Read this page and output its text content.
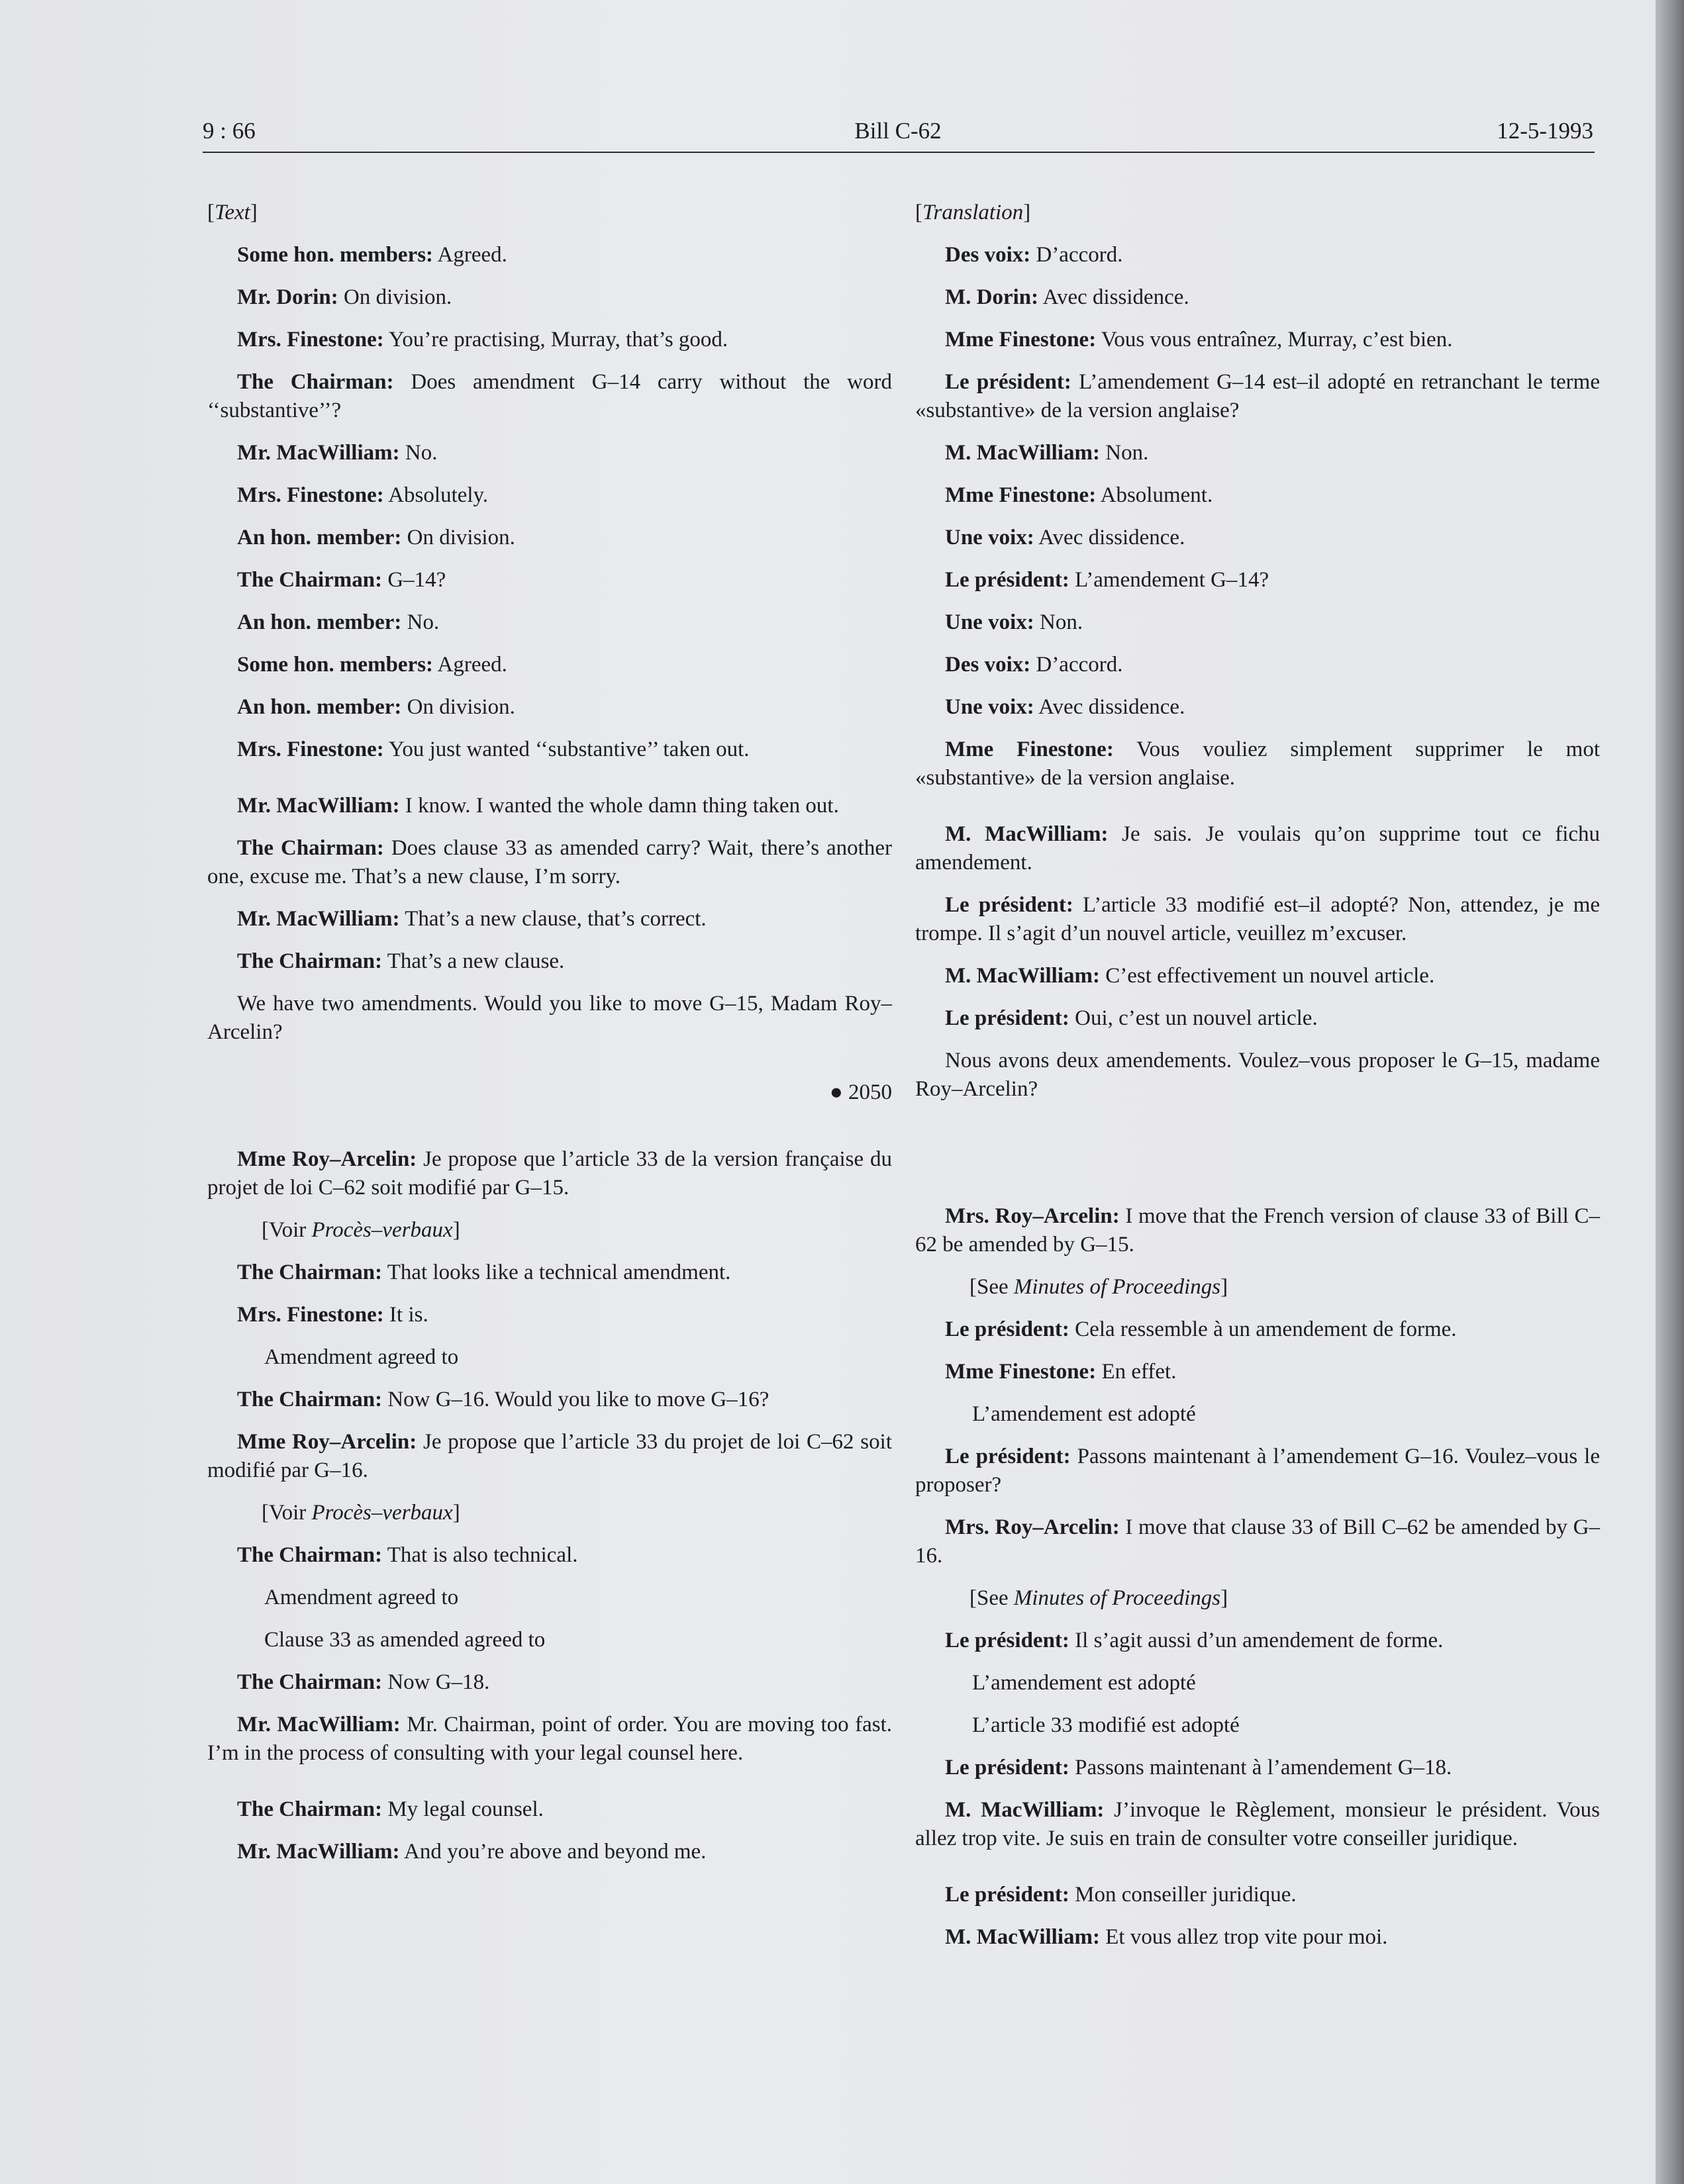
9 : 66	Bill C-62	12-5-1993
[Text]
Some hon. members: Agreed.
Mr. Dorin: On division.
Mrs. Finestone: You’re practising, Murray, that’s good.
The Chairman: Does amendment G–14 carry without the word ‘‘substantive’’?
Mr. MacWilliam: No.
Mrs. Finestone: Absolutely.
An hon. member: On division.
The Chairman: G–14?
An hon. member: No.
Some hon. members: Agreed.
An hon. member: On division.
Mrs. Finestone: You just wanted ‘‘substantive’’ taken out.
Mr. MacWilliam: I know. I wanted the whole damn thing taken out.
The Chairman: Does clause 33 as amended carry? Wait, there’s another one, excuse me. That’s a new clause, I’m sorry.
Mr. MacWilliam: That’s a new clause, that’s correct.
The Chairman: That’s a new clause.
We have two amendments. Would you like to move G–15, Madam Roy–Arcelin?
● 2050
Mme Roy–Arcelin: Je propose que l’article 33 de la version française du projet de loi C–62 soit modifié par G–15.
[Voir Procès–verbaux]
The Chairman: That looks like a technical amendment.
Mrs. Finestone: It is.
Amendment agreed to
The Chairman: Now G–16. Would you like to move G–16?
Mme Roy–Arcelin: Je propose que l’article 33 du projet de loi C–62 soit modifié par G–16.
[Voir Procès–verbaux]
The Chairman: That is also technical.
Amendment agreed to
Clause 33 as amended agreed to
The Chairman: Now G–18.
Mr. MacWilliam: Mr. Chairman, point of order. You are moving too fast. I’m in the process of consulting with your legal counsel here.
The Chairman: My legal counsel.
Mr. MacWilliam: And you’re above and beyond me.
[Translation]
Des voix: D’accord.
M. Dorin: Avec dissidence.
Mme Finestone: Vous vous entraînez, Murray, c’est bien.
Le président: L’amendement G–14 est–il adopté en retranchant le terme «substantive» de la version anglaise?
M. MacWilliam: Non.
Mme Finestone: Absolument.
Une voix: Avec dissidence.
Le président: L’amendement G–14?
Une voix: Non.
Des voix: D’accord.
Une voix: Avec dissidence.
Mme Finestone: Vous vouliez simplement supprimer le mot «substantive» de la version anglaise.
M. MacWilliam: Je sais. Je voulais qu’on supprime tout ce fichu amendement.
Le président: L’article 33 modifié est–il adopté? Non, attendez, je me trompe. Il s’agit d’un nouvel article, veuillez m’excuser.
M. MacWilliam: C’est effectivement un nouvel article.
Le président: Oui, c’est un nouvel article.
Nous avons deux amendements. Voulez–vous proposer le G–15, madame Roy–Arcelin?
Mrs. Roy–Arcelin: I move that the French version of clause 33 of Bill C–62 be amended by G–15.
[See Minutes of Proceedings]
Le président: Cela ressemble à un amendement de forme.
Mme Finestone: En effet.
L’amendement est adopté
Le président: Passons maintenant à l’amendement G–16. Voulez–vous le proposer?
Mrs. Roy–Arcelin: I move that clause 33 of Bill C–62 be amended by G–16.
[See Minutes of Proceedings]
Le président: Il s’agit aussi d’un amendement de forme.
L’amendement est adopté
L’article 33 modifié est adopté
Le président: Passons maintenant à l’amendement G–18.
M. MacWilliam: J’invoque le Règlement, monsieur le président. Vous allez trop vite. Je suis en train de consulter votre conseiller juridique.
Le président: Mon conseiller juridique.
M. MacWilliam: Et vous allez trop vite pour moi.
